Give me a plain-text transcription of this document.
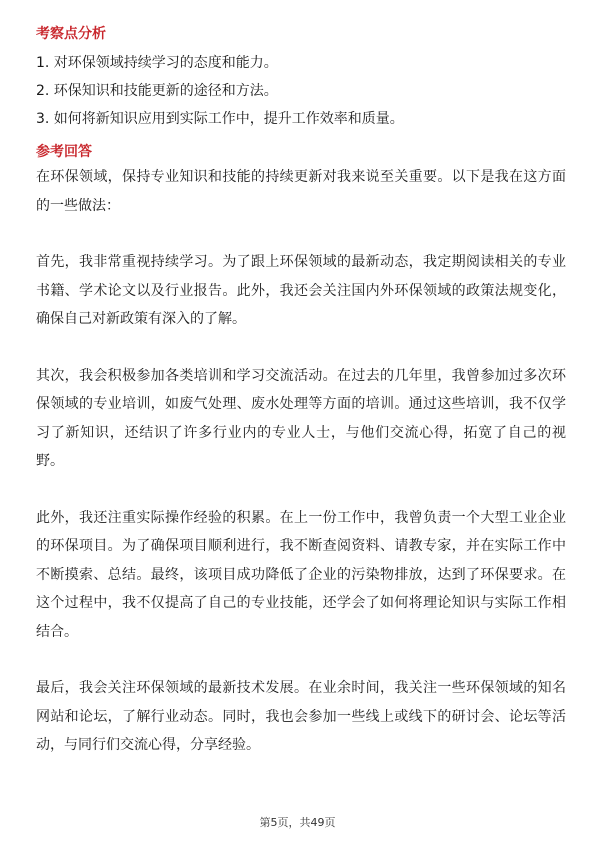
考察点分析
1. 对环保领域持续学习的态度和能力。
2. 环保知识和技能更新的途径和方法。
3. 如何将新知识应用到实际工作中，提升工作效率和质量。
参考回答

在环保领域，保持专业知识和技能的持续更新对我来说至关重要。以下是我在这方面的一些做法：

首先，我非常重视持续学习。为了跟上环保领域的最新动态，我定期阅读相关的专业书籍、学术论文以及行业报告。此外，我还会关注国内外环保领域的政策法规变化，确保自己对新政策有深入的了解。

其次，我会积极参加各类培训和学习交流活动。在过去的几年里，我曾参加过多次环保领域的专业培训，如废气处理、废水处理等方面的培训。通过这些培训，我不仅学习了新知识，还结识了许多行业内的专业人士，与他们交流心得，拓宽了自己的视野。

此外，我还注重实际操作经验的积累。在上一份工作中，我曾负责一个大型工业企业的环保项目。为了确保项目顺利进行，我不断查阅资料、请教专家，并在实际工作中不断摸索、总结。最终，该项目成功降低了企业的污染物排放，达到了环保要求。在这个过程中，我不仅提高了自己的专业技能，还学会了如何将理论知识与实际工作相结合。

最后，我会关注环保领域的最新技术发展。在业余时间，我关注一些环保领域的知名网站和论坛，了解行业动态。同时，我也会参加一些线上或线下的研讨会、论坛等活动，与同行们交流心得，分享经验。

第5页，共49页
